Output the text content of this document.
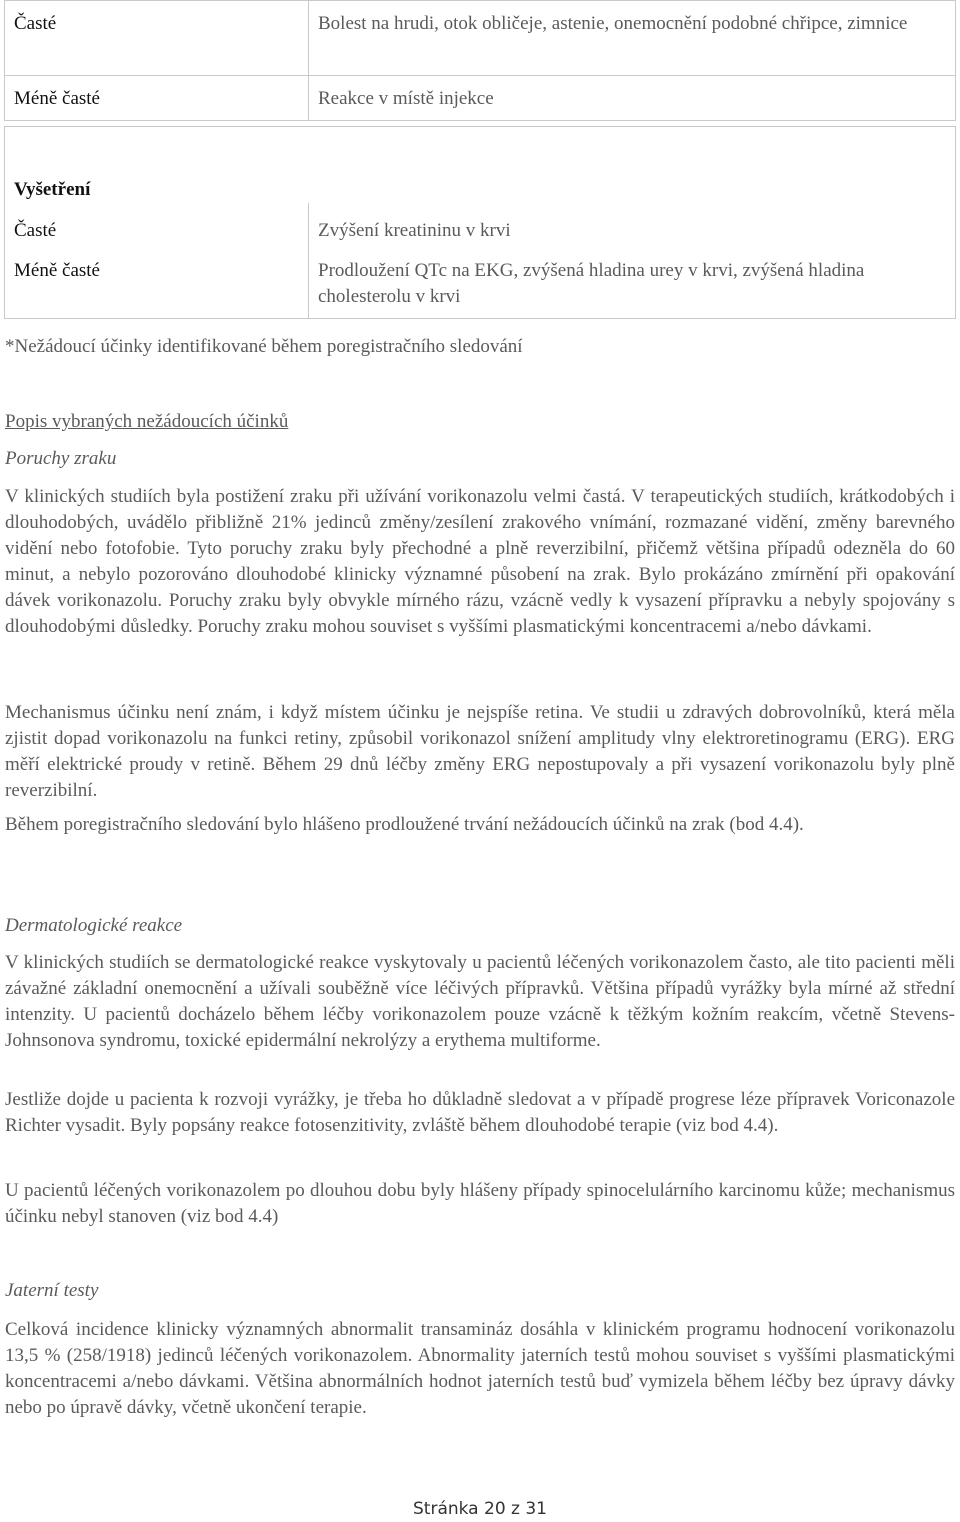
Časté	Bolest na hrudi, otok obličeje, astenie, onemocnění podobné chřipce, zimnice
Méně časté	Reakce v místě injekce
Vyšetření	
Časté	Zvýšení kreatininu v krvi
Méně časté	Prodloužení QTc na EKG, zvýšená hladina urey v krvi, zvýšená hladina cholesterolu v krvi
*Nežádoucí účinky identifikované během poregistračního sledování
Popis vybraných nežádoucích účinků
Poruchy zraku
V klinických studiích byla postižení zraku při užívání vorikonazolu velmi častá. V terapeutických studiích, krátkodobých i dlouhodobých, uvádělo přibližně 21% jedinců změny/zesílení zrakového vnímání, rozmazané vidění, změny barevného vidění nebo fotofobie. Tyto poruchy zraku byly přechodné a plně reverzibilní, přičemž většina případů odezněla do 60 minut, a nebylo pozorováno dlouhodobé klinicky významné působení na zrak. Bylo prokázáno zmírnění při opakování dávek vorikonazolu. Poruchy zraku byly obvykle mírného rázu, vzácně vedly k vysazení přípravku a nebyly spojovány s dlouhodobými důsledky. Poruchy zraku mohou souviset s vyššími plasmatickými koncentracemi a/nebo dávkami.
Mechanismus účinku není znám, i když místem účinku je nejspíše retina. Ve studii u zdravých dobrovolníků, která měla zjistit dopad vorikonazolu na funkci retiny, způsobil vorikonazol snížení amplitudy vlny elektroretinogramu (ERG). ERG měří elektrické proudy v retině. Během 29 dnů léčby změny ERG nepostupovaly a při vysazení vorikonazolu byly plně reverzibilní.
Během poregistračního sledování bylo hlášeno prodloužené trvání nežádoucích účinků na zrak (bod 4.4).
Dermatologické reakce
V klinických studiích se dermatologické reakce vyskytovaly u pacientů léčených vorikonazolem často, ale tito pacienti měli závažné základní onemocnění a užívali souběžně více léčivých přípravků. Většina případů vyrážky byla mírné až střední intenzity. U pacientů docházelo během léčby vorikonazolem pouze vzácně k těžkým kožním reakcím, včetně Stevens-Johnsonova syndromu, toxické epidermální nekrolýzy a erythema multiforme.
Jestliže dojde u pacienta k rozvoji vyrážky, je třeba ho důkladně sledovat a v případě progrese léze přípravek Voriconazole Richter vysadit. Byly popsány reakce fotosenzitivity, zvláště během dlouhodobé terapie (viz bod 4.4).
U pacientů léčených vorikonazolem po dlouhou dobu byly hlášeny případy spinocelulárního karcinomu kůže; mechanismus účinku nebyl stanoven (viz bod 4.4)
Jaterní testy
Celková incidence klinicky významných abnormalit transamináz dosáhla v klinickém programu hodnocení vorikonazolu 13,5 % (258/1918) jedinců léčených vorikonazolem. Abnormality jaterních testů mohou souviset s vyššími plasmatickými koncentracemi a/nebo dávkami. Většina abnormálních hodnot jaterních testů buď vymizela během léčby bez úpravy dávky nebo po úpravě dávky, včetně ukončení terapie.
Stránka 20 z 31
